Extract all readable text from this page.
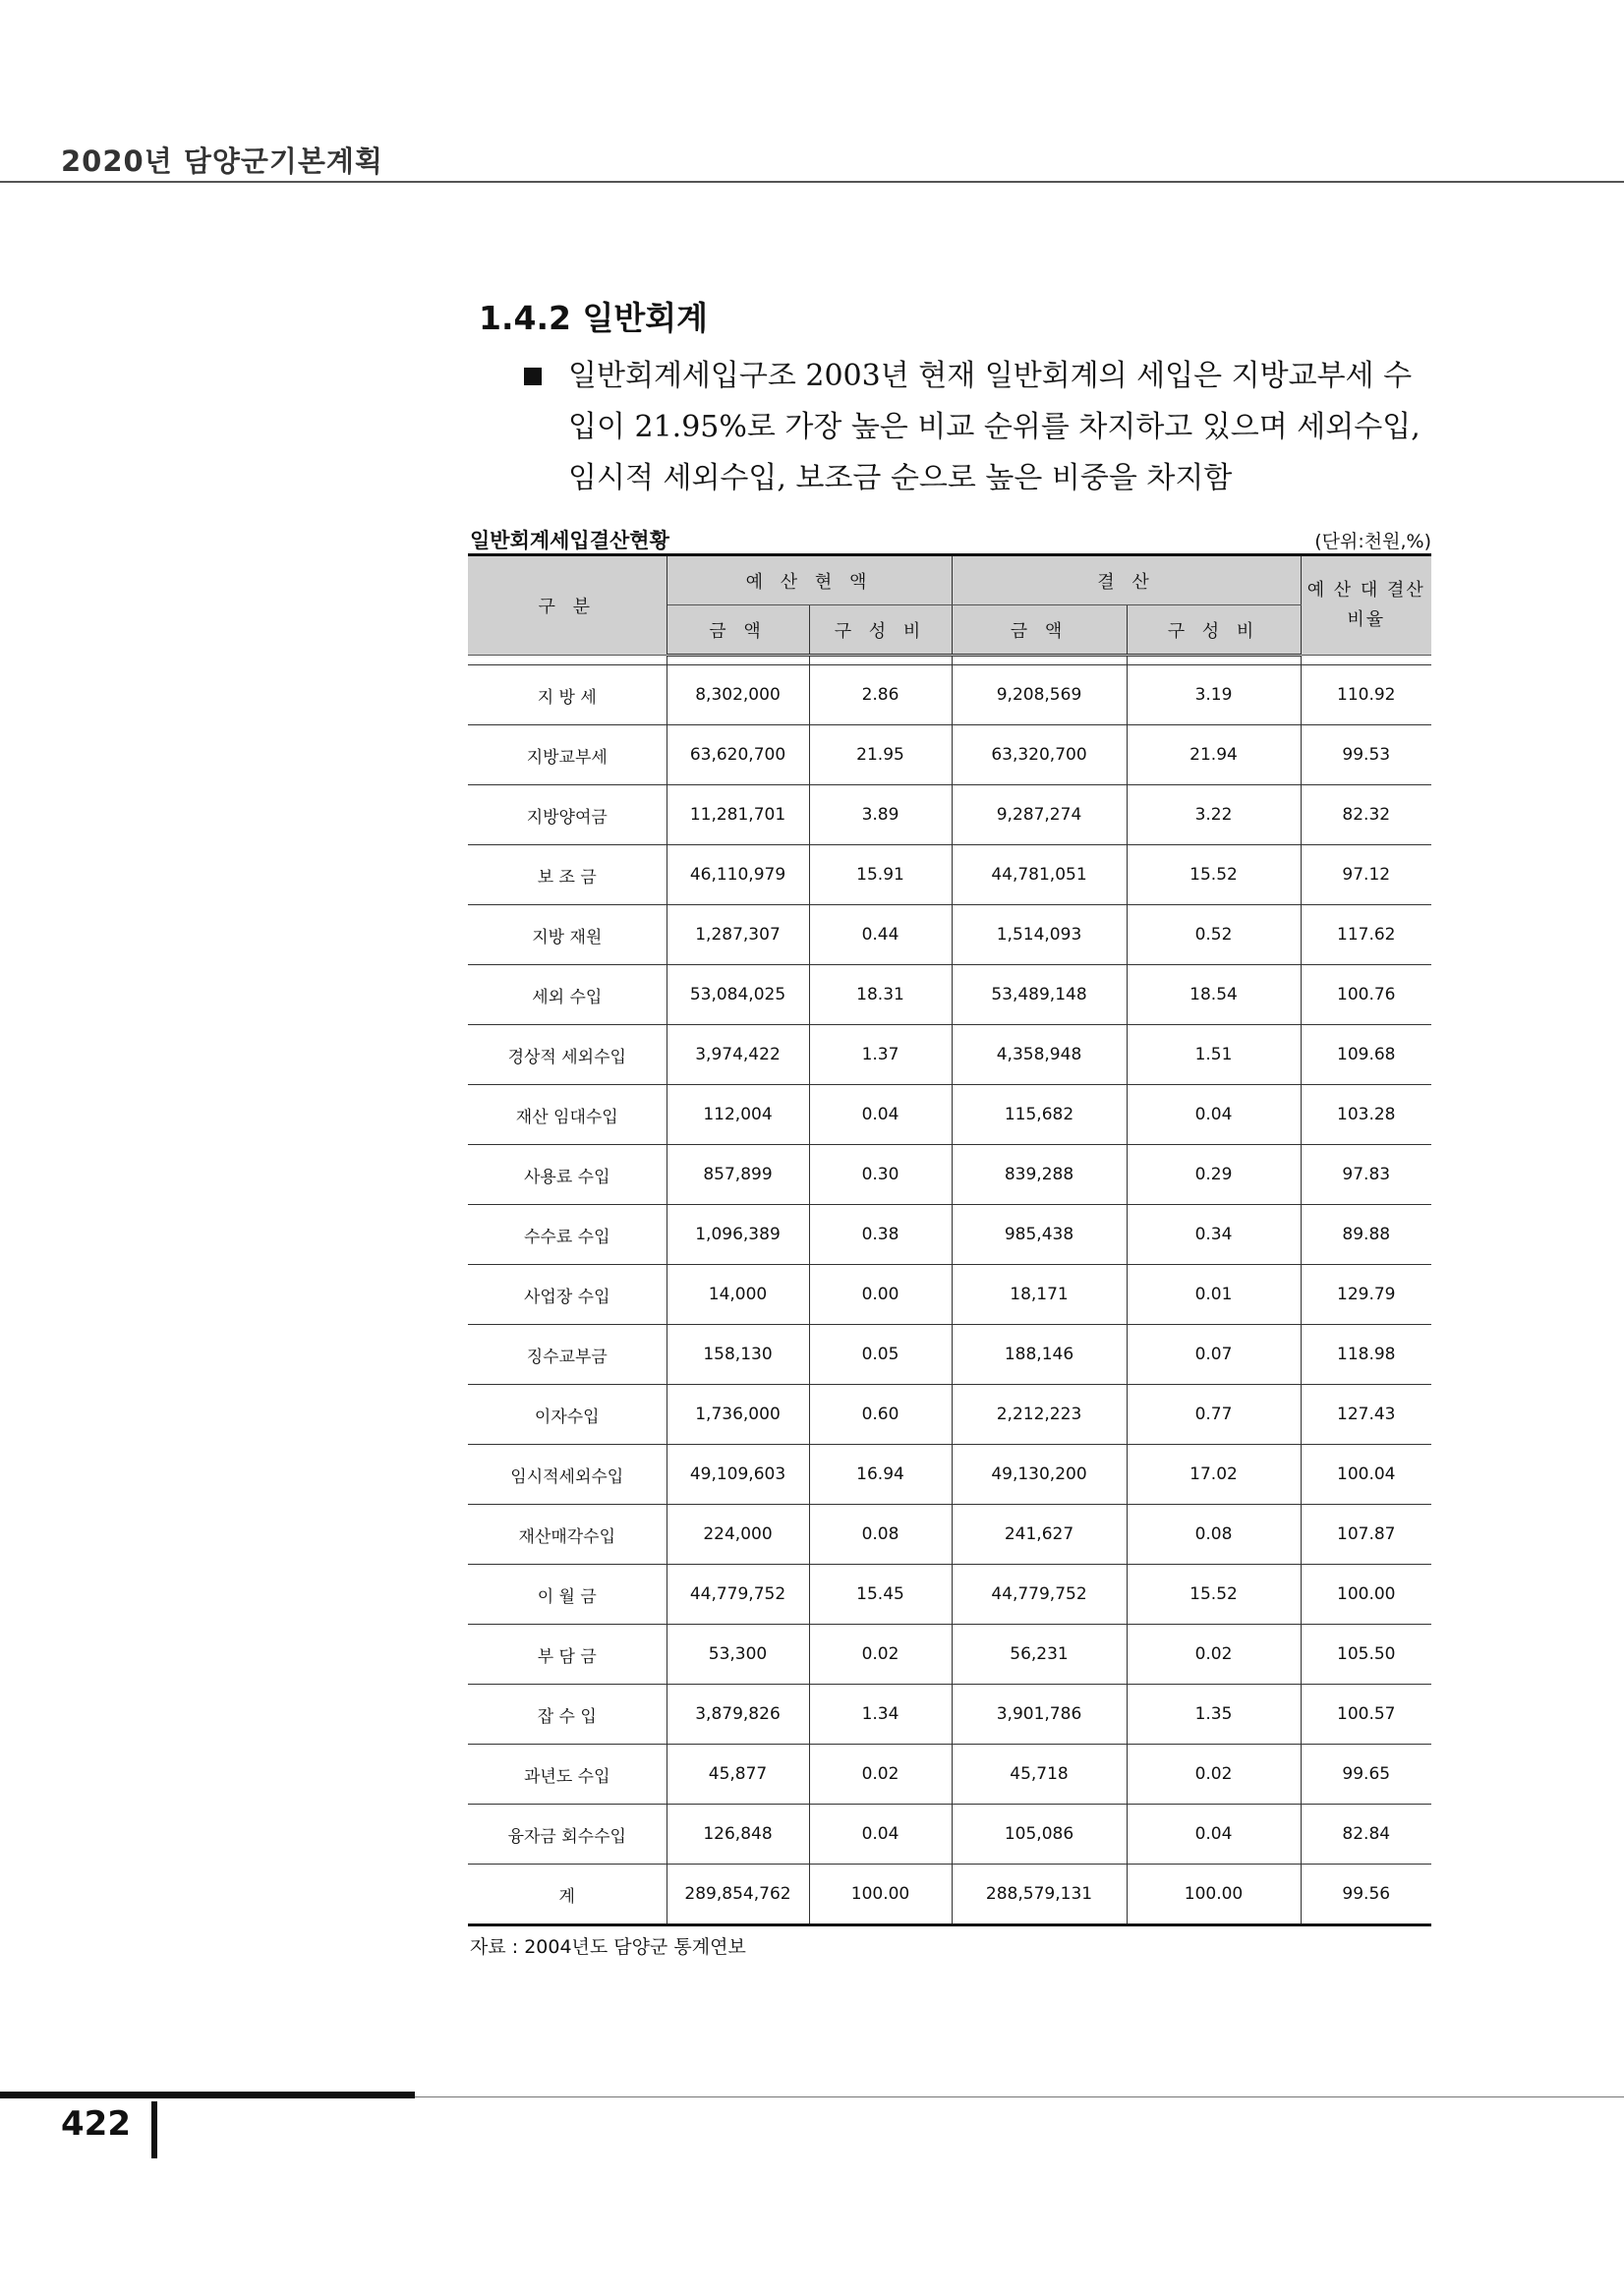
2020년 담양군기본계획
1.4.2 일반회계
일반회계세입구조 2003년 현재 일반회계의 세입은 지방교부세 수입이 21.95%로 가장 높은 비교 순위를 차지하고 있으며 세외수입, 임시적 세외수입, 보조금 순으로 높은 비중을 차지함
일반회계세입결산현황	(단위:천원,%)
구 분	예 산 현 액		결 산		예 산 대 결산비율
	금 액	구 성 비	금 액	구 성 비	

지 방 세	8,302,000	2.86	9,208,569	3.19	110.92
지방교부세	63,620,700	21.95	63,320,700	21.94	99.53
지방양여금	11,281,701	3.89	9,287,274	3.22	82.32
보 조 금	46,110,979	15.91	44,781,051	15.52	97.12
지방 재원	1,287,307	0.44	1,514,093	0.52	117.62
세외 수입	53,084,025	18.31	53,489,148	18.54	100.76
경상적 세외수입	3,974,422	1.37	4,358,948	1.51	109.68
재산 임대수입	112,004	0.04	115,682	0.04	103.28
사용료 수입	857,899	0.30	839,288	0.29	97.83
수수료 수입	1,096,389	0.38	985,438	0.34	89.88
사업장 수입	14,000	0.00	18,171	0.01	129.79
징수교부금	158,130	0.05	188,146	0.07	118.98
이자수입	1,736,000	0.60	2,212,223	0.77	127.43
임시적세외수입	49,109,603	16.94	49,130,200	17.02	100.04
재산매각수입	224,000	0.08	241,627	0.08	107.87
이 월 금	44,779,752	15.45	44,779,752	15.52	100.00
부 담 금	53,300	0.02	56,231	0.02	105.50
잡 수 입	3,879,826	1.34	3,901,786	1.35	100.57
과년도 수입	45,877	0.02	45,718	0.02	99.65
융자금 회수수입	126,848	0.04	105,086	0.04	82.84
계	289,854,762	100.00	288,579,131	100.00	99.56
자료 : 2004년도 담양군 통계연보
422
